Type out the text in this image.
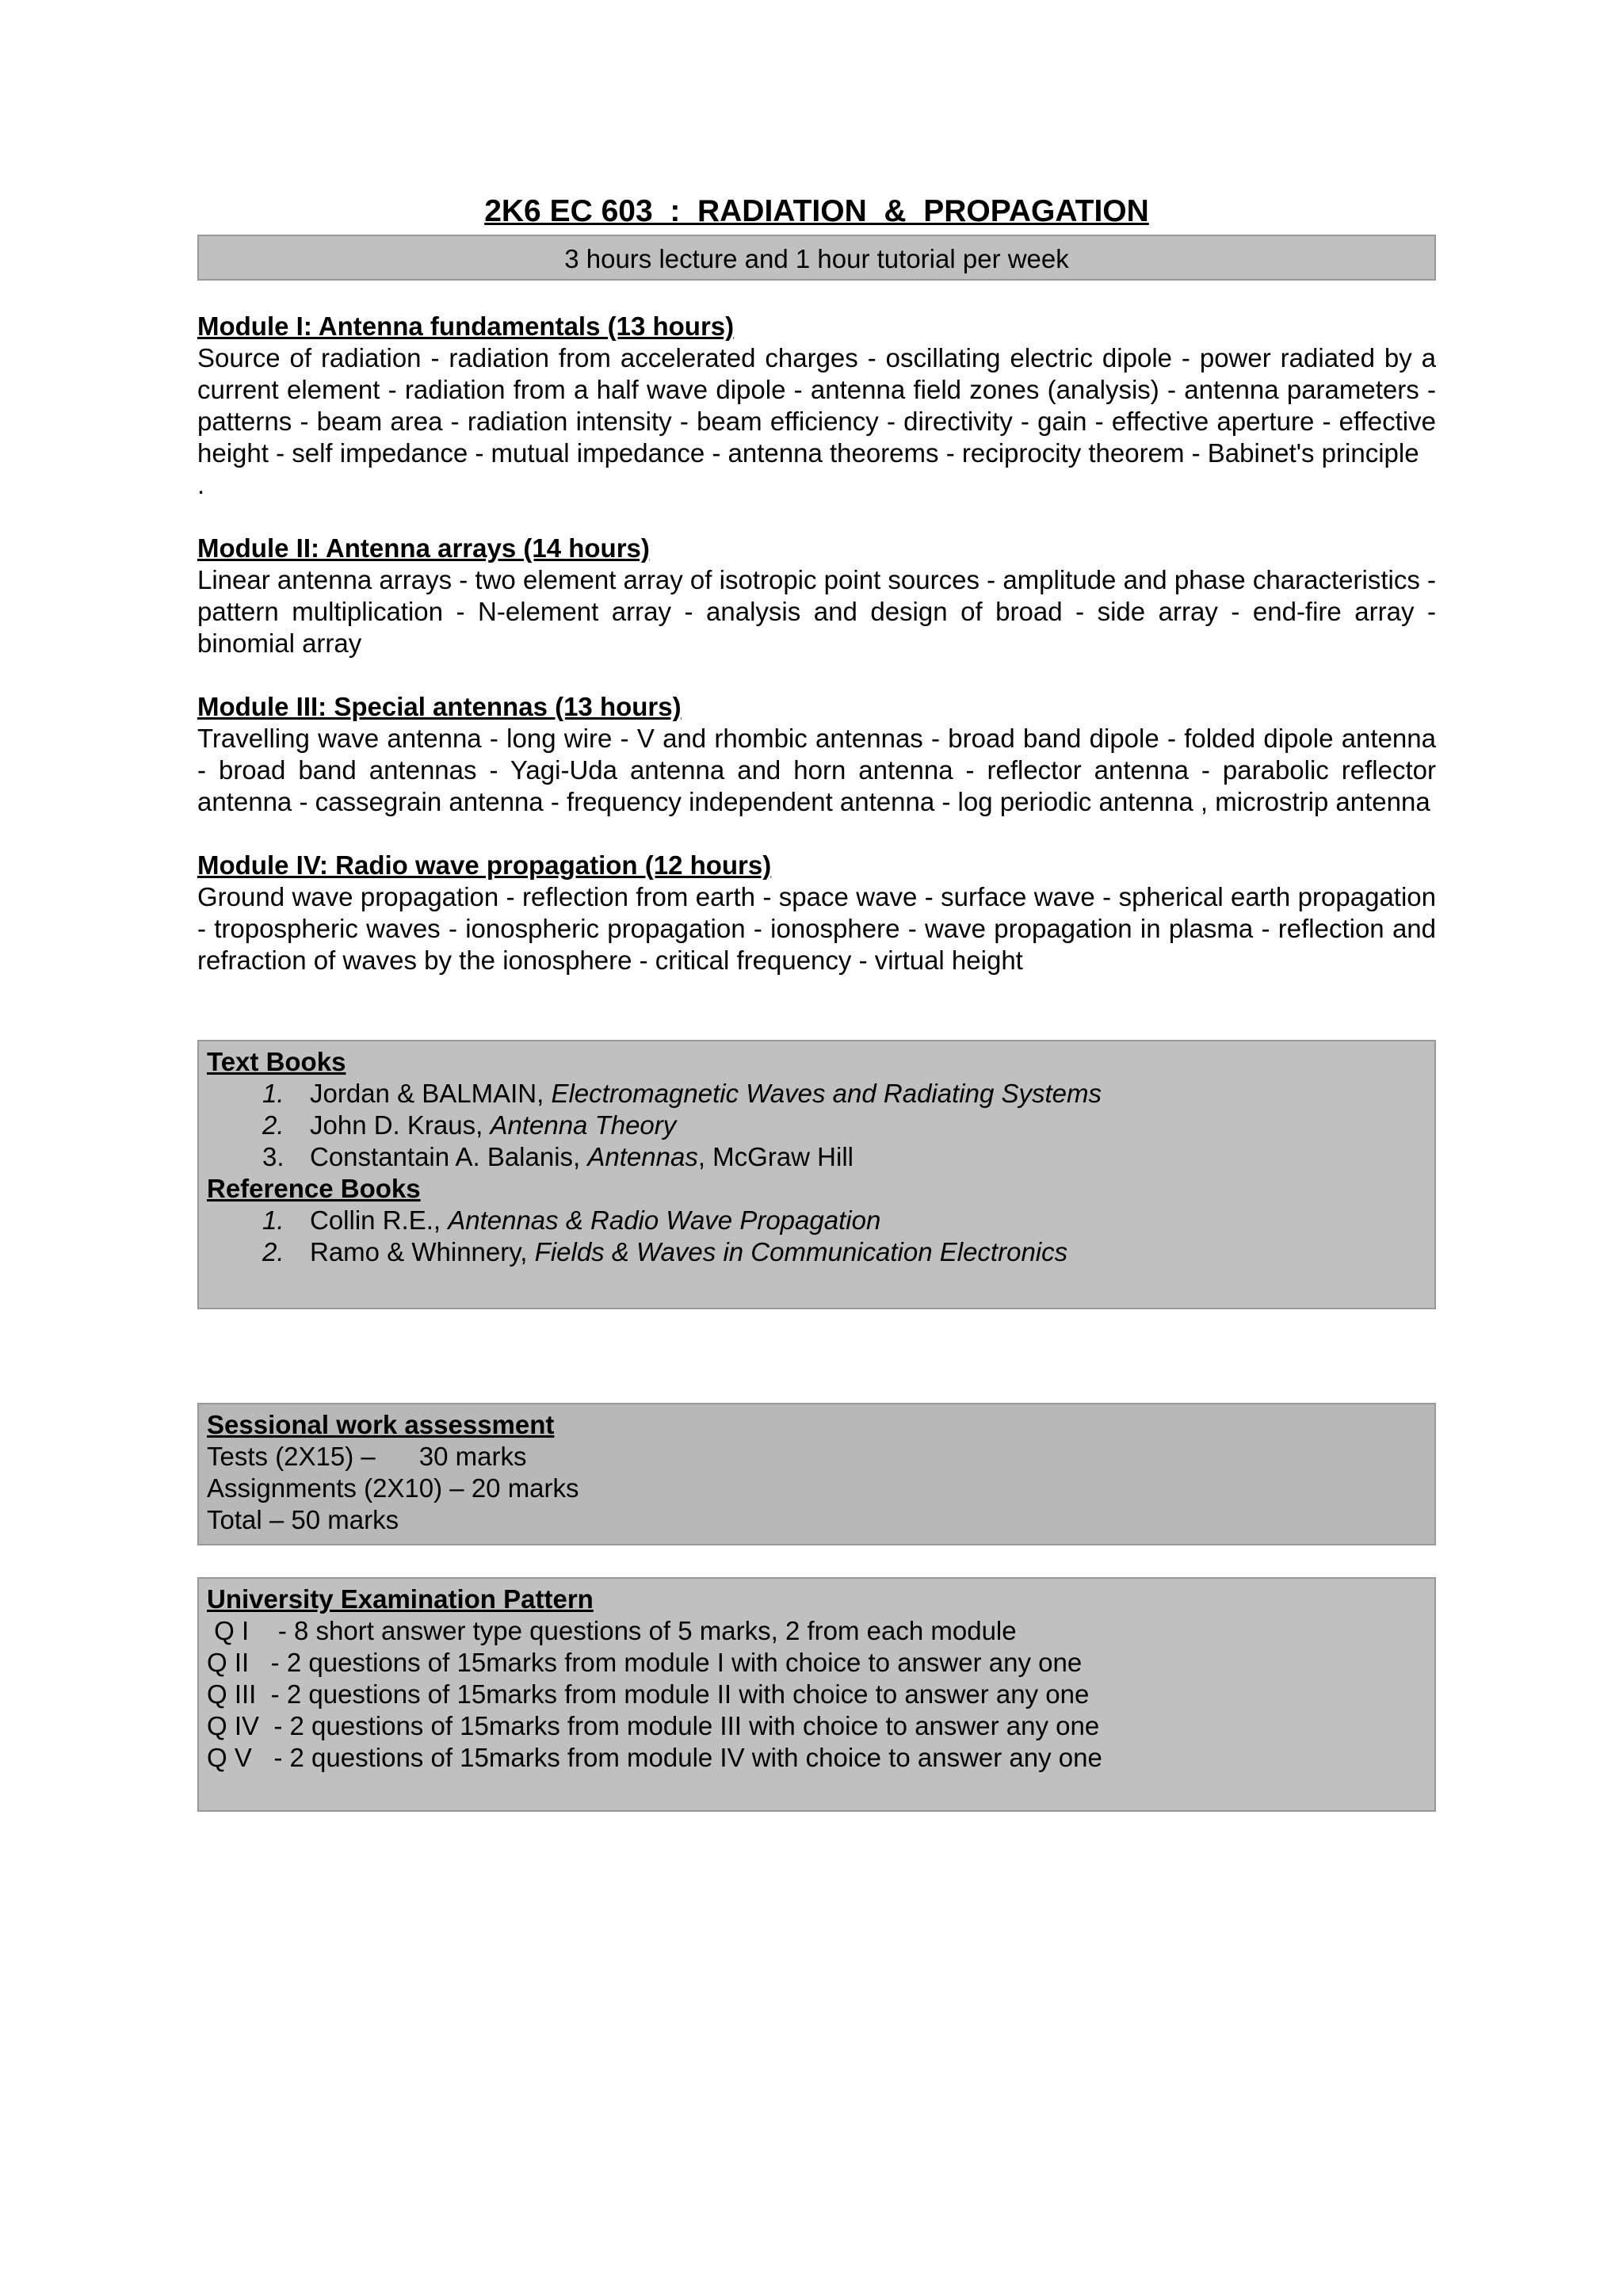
2K6 EC 603  :  RADIATION  &  PROPAGATION
3 hours lecture and 1 hour tutorial per week
Module I: Antenna fundamentals (13 hours)
Source of radiation - radiation from accelerated charges - oscillating electric dipole - power radiated by a current element - radiation from a half wave dipole - antenna field zones (analysis) - antenna parameters - patterns - beam area - radiation intensity - beam efficiency - directivity - gain - effective aperture - effective height - self impedance - mutual impedance - antenna theorems - reciprocity theorem - Babinet's principle
.
Module II: Antenna arrays (14 hours)
Linear antenna arrays - two element array of isotropic point sources - amplitude and phase characteristics - pattern multiplication - N-element array - analysis and design of broad - side array - end-fire array - binomial array
Module III: Special antennas (13 hours)
Travelling wave antenna - long wire - V and rhombic antennas - broad band dipole - folded dipole antenna - broad band antennas - Yagi-Uda antenna and horn antenna - reflector antenna - parabolic reflector antenna - cassegrain antenna - frequency independent antenna - log periodic antenna , microstrip antenna
Module IV: Radio wave propagation (12 hours)
Ground wave propagation - reflection from earth - space wave - surface wave - spherical earth propagation - tropospheric waves - ionospheric propagation - ionosphere - wave propagation in plasma - reflection and refraction of waves by the ionosphere - critical frequency - virtual height
Text Books
1. Jordan & BALMAIN, Electromagnetic Waves and Radiating Systems
2. John D. Kraus, Antenna Theory
3. Constantain A. Balanis, Antennas, McGraw Hill
Reference Books
1. Collin R.E., Antennas & Radio Wave Propagation
2. Ramo & Whinnery, Fields & Waves in Communication Electronics
Sessional work assessment
Tests (2X15) –      30 marks
Assignments (2X10) – 20 marks
Total – 50 marks
University Examination Pattern
Q I    - 8 short answer type questions of 5 marks, 2 from each module
Q II   - 2 questions of 15marks from module I with choice to answer any one
Q III  - 2 questions of 15marks from module II with choice to answer any one
Q IV  - 2 questions of 15marks from module III with choice to answer any one
Q V   - 2 questions of 15marks from module IV with choice to answer any one
